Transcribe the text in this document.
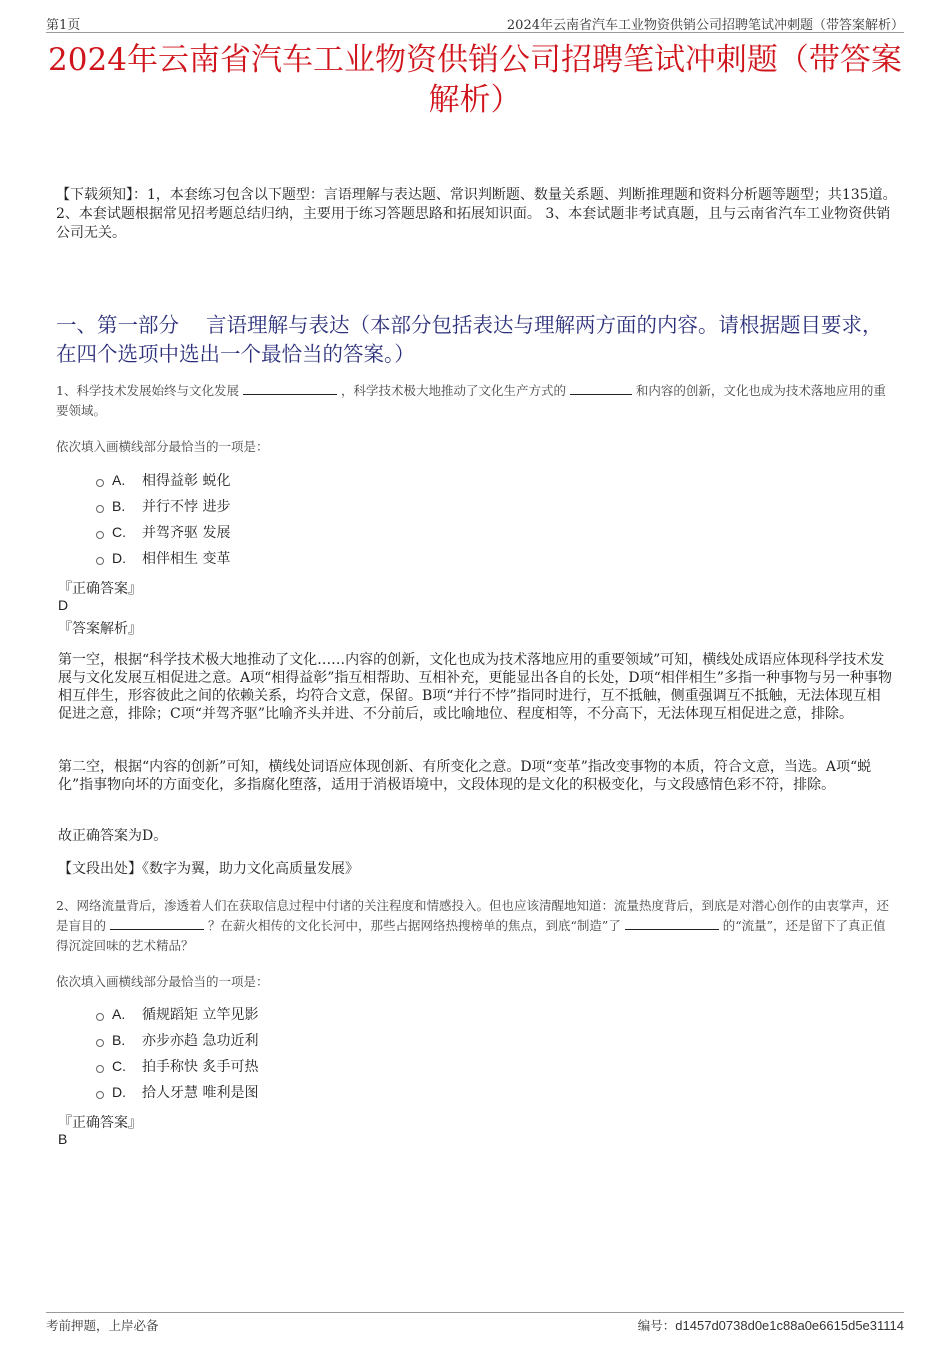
第1页	2024年云南省汽车工业物资供销公司招聘笔试冲刺题（带答案解析）
2024年云南省汽车工业物资供销公司招聘笔试冲刺题（带答案解析）
【下载须知】：1，本套练习包含以下题型：言语理解与表达题、常识判断题、数量关系题、判断推理题和资料分析题等题型；共135道。 2、本套试题根据常见招考题总结归纳，主要用于练习答题思路和拓展知识面。 3、本套试题非考试真题，且与云南省汽车工业物资供销公司无关。
一、第一部分　 言语理解与表达（本部分包括表达与理解两方面的内容。请根据题目要求，在四个选项中选出一个最恰当的答案。）
1、科学技术发展始终与文化发展	，科学技术极大地推动了文化生产方式的	和内容的创新，文化也成为技术落地应用的重要领域。
依次填入画横线部分最恰当的一项是：
A.	相得益彰 蜕化
B.	并行不悖 进步
C.	并驾齐驱 发展
D.	相伴相生 变革
『正确答案』
D
『答案解析』
第一空，根据“科学技术极大地推动了文化……内容的创新，文化也成为技术落地应用的重要领域”可知，横线处成语应体现科学技术发展与文化发展互相促进之意。A项“相得益彰”指互相帮助、互相补充，更能显出各自的长处，D项“相伴相生”多指一种事物与另一种事物相互伴生，形容彼此之间的依赖关系，均符合文意，保留。B项“并行不悖”指同时进行，互不抵触，侧重强调互不抵触，无法体现互相促进之意，排除；C项“并驾齐驱”比喻齐头并进、不分前后，或比喻地位、程度相等，不分高下，无法体现互相促进之意，排除。
第二空，根据“内容的创新”可知，横线处词语应体现创新、有所变化之意。D项“变革”指改变事物的本质，符合文意，当选。A项“蜕化”指事物向坏的方面变化，多指腐化堕落，适用于消极语境中，文段体现的是文化的积极变化，与文段感情色彩不符，排除。
故正确答案为D。
【文段出处】《数字为翼，助力文化高质量发展》
2、网络流量背后，渗透着人们在获取信息过程中付诸的关注程度和情感投入。但也应该清醒地知道：流量热度背后，到底是对潜心创作的由衷掌声，还是盲目的	？在薪火相传的文化长河中，那些占据网络热搜榜单的焦点，到底“制造”了	的“流量”，还是留下了真正值得沉淀回味的艺术精品？
依次填入画横线部分最恰当的一项是：
A.	循规蹈矩 立竿见影
B.	亦步亦趋 急功近利
C.	拍手称快 炙手可热
D.	拾人牙慧 唯利是图
『正确答案』
B
考前押题，上岸必备	编号：d1457d0738d0e1c88a0e6615d5e31114
